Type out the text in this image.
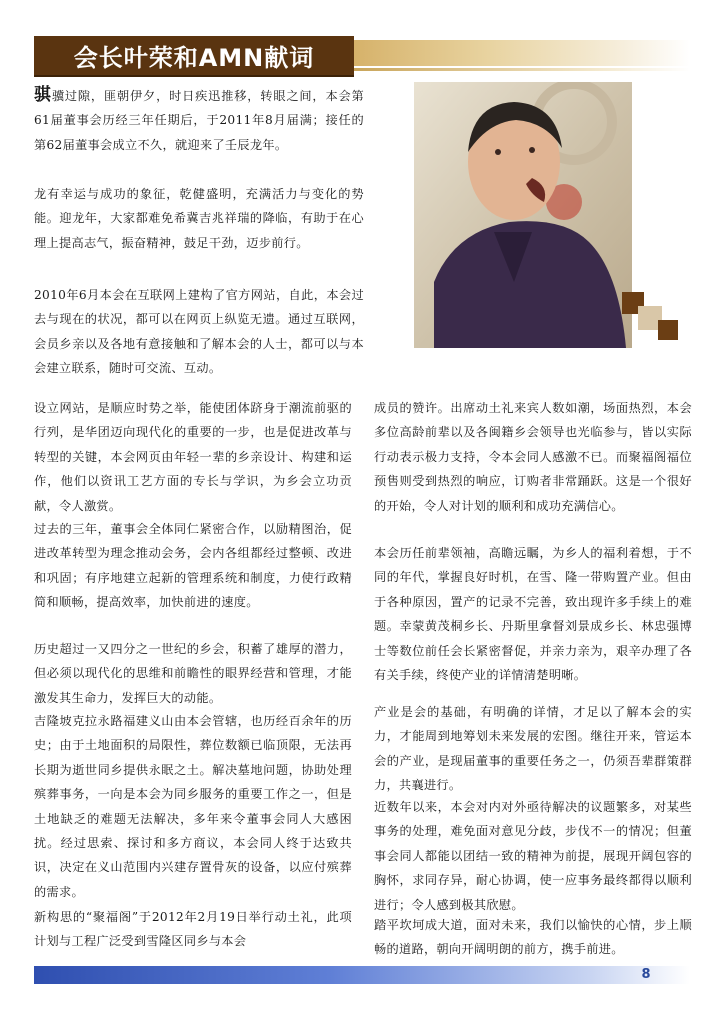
会长叶荣和AMN献词

骐骥过隙，匪朝伊夕，时日疾迅推移，转眼之间，本会第61届董事会历经三年任期后，于2011年8月届满；接任的第62届董事会成立不久，就迎来了壬辰龙年。

龙有幸运与成功的象征，乾健盛明，充满活力与变化的势能。迎龙年，大家都难免希冀吉兆祥瑞的降临，有助于在心理上提高志气，振奋精神，鼓足干劲，迈步前行。

2010年6月本会在互联网上建构了官方网站，自此，本会过去与现在的状况，都可以在网页上纵览无遗。通过互联网，会员乡亲以及各地有意接触和了解本会的人士，都可以与本会建立联系，随时可交流、互动。

设立网站，是顺应时势之举，能使团体跻身于潮流前驱的行列，是华团迈向现代化的重要的一步，也是促进改革与转型的关键，本会网页由年轻一辈的乡亲设计、构建和运作，他们以资讯工艺方面的专长与学识，为乡会立功贡献，令人激赏。

过去的三年，董事会全体同仁紧密合作，以励精图治，促进改革转型为理念推动会务，会内各组都经过整顿、改进和巩固；有序地建立起新的管理系统和制度，力使行政精简和顺畅，提高效率，加快前进的速度。

历史超过一又四分之一世纪的乡会，积蓄了雄厚的潜力，但必须以现代化的思维和前瞻性的眼界经营和管理，才能激发其生命力，发挥巨大的动能。

吉隆坡克拉永路福建义山由本会管辖，也历经百余年的历史；由于土地面积的局限性，葬位数额已临顶限，无法再长期为逝世同乡提供永眠之土。解决墓地问题，协助处理殡葬事务，一向是本会为同乡服务的重要工作之一，但是土地缺乏的难题无法解决，多年来令董事会同人大感困扰。经过思索、探讨和多方商议，本会同人终于达致共识，决定在义山范围内兴建存置骨灰的设备，以应付殡葬的需求。

新构思的“聚福阁”于2012年2月19日举行动土礼，此项计划与工程广泛受到雪隆区同乡与本会

成员的赞许。出席动土礼来宾人数如潮，场面热烈，本会多位高龄前辈以及各闽籍乡会领导也光临参与，皆以实际行动表示极力支持，令本会同人感激不已。而聚福阁福位预售则受到热烈的响应，订购者非常踊跃。这是一个很好的开始，令人对计划的顺利和成功充满信心。

本会历任前辈领袖，高瞻远瞩，为乡人的福利着想，于不同的年代，掌握良好时机，在雪、隆一带购置产业。但由于各种原因，置产的记录不完善，致出现许多手续上的难题。幸蒙黄茂桐乡长、丹斯里拿督刘景成乡长、林忠强博士等数位前任会长紧密督促，并亲力亲为，艰辛办理了各有关手续，终使产业的详情清楚明晰。

产业是会的基础，有明确的详情，才足以了解本会的实力，才能周到地筹划未来发展的宏图。继往开来，管运本会的产业，是现届董事的重要任务之一，仍须吾辈群策群力，共襄进行。

近数年以来，本会对内对外亟待解决的议题繁多，对某些事务的处理，难免面对意见分歧，步伐不一的情况；但董事会同人都能以团结一致的精神为前提，展现开阔包容的胸怀，求同存异，耐心协调，使一应事务最终都得以顺利进行；令人感到极其欣慰。

踏平坎坷成大道，面对未来，我们以愉快的心情，步上顺畅的道路，朝向开阔明朗的前方，携手前进。

8
